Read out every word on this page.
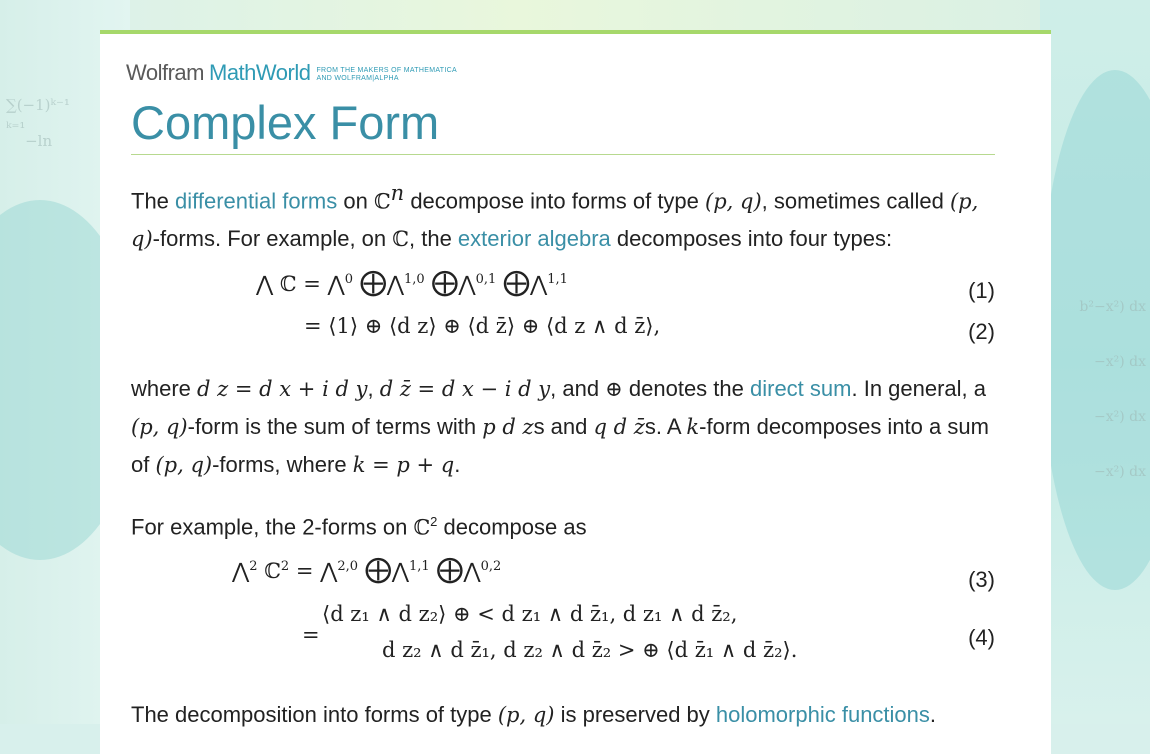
∑(−1)ᵏ⁻¹
ₖ₌₁
−ln
b²−x²) dx
−x²) dx
−x²) dx
−x²) dx
Wolfram MathWorld FROM THE MAKERS OF MATHEMATICA
AND WOLFRAM|ALPHA
Complex Form

The differential forms on ℂ$^n$ decompose into forms of type (p, q), sometimes called (p, q)-forms. For example, on ℂ, the exterior algebra decomposes into four types:

⋀ ℂ = ⋀$^0$ ⨁⋀$^{1,0}$ ⨁⋀$^{0,1}$ ⨁⋀$^{1,1}$	(1)
= ⟨1⟩ ⊕ ⟨d z⟩ ⊕ ⟨d z̄⟩ ⊕ ⟨d z ∧ d z̄⟩,	(2)

where d z = d x + i d y, d z̄ = d x − i d y, and ⊕ denotes the direct sum. In general, a (p, q)-form is the sum of terms with p d zs and q d z̄s. A k-form decomposes into a sum of (p, q)-forms, where k = p + q.

For example, the 2-forms on ℂ$^2$ decompose as

⋀$^2$ ℂ$^2$ = ⋀$^{2,0}$ ⨁⋀$^{1,1}$ ⨁⋀$^{0,2}$
(3)
=
⟨d z₁ ∧ d z₂⟩ ⊕ < d z₁ ∧ d z̄₁, d z₁ ∧ d z̄₂,
d z₂ ∧ d z̄₁, d z₂ ∧ d z̄₂ > ⊕ ⟨d z̄₁ ∧ d z̄₂⟩.	(4)

The decomposition into forms of type (p, q) is preserved by holomorphic functions.
